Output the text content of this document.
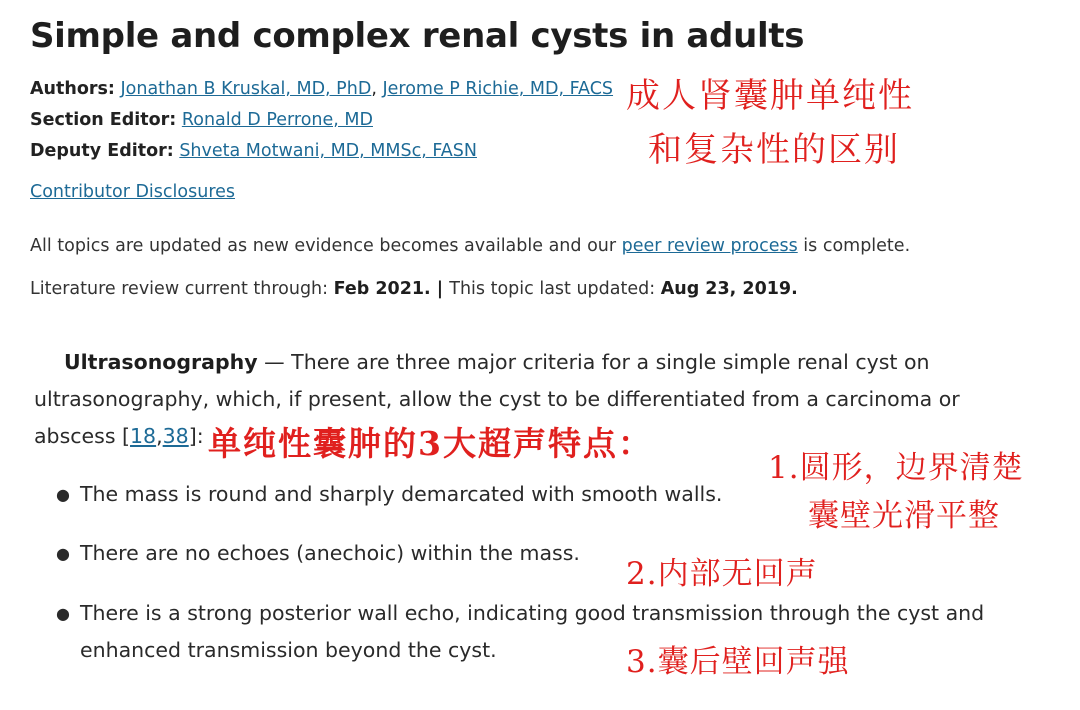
Simple and complex renal cysts in adults
Authors: Jonathan B Kruskal, MD, PhD, Jerome P Richie, MD, FACS
Section Editor: Ronald D Perrone, MD
Deputy Editor: Shveta Motwani, MD, MMSc, FASN
Contributor Disclosures
All topics are updated as new evidence becomes available and our peer review process is complete.
Literature review current through: Feb 2021. | This topic last updated: Aug 23, 2019.
Ultrasonography — There are three major criteria for a single simple renal cyst on ultrasonography, which, if present, allow the cyst to be differentiated from a carcinoma or abscess [18,38]:
● The mass is round and sharply demarcated with smooth walls.
● There are no echoes (anechoic) within the mass.
● There is a strong posterior wall echo, indicating good transmission through the cyst and enhanced transmission beyond the cyst.
成人肾囊肿单纯性
和复杂性的区别
单纯性囊肿的3大超声特点：
1.圆形，边界清楚
囊壁光滑平整
2.内部无回声
3.囊后壁回声强
